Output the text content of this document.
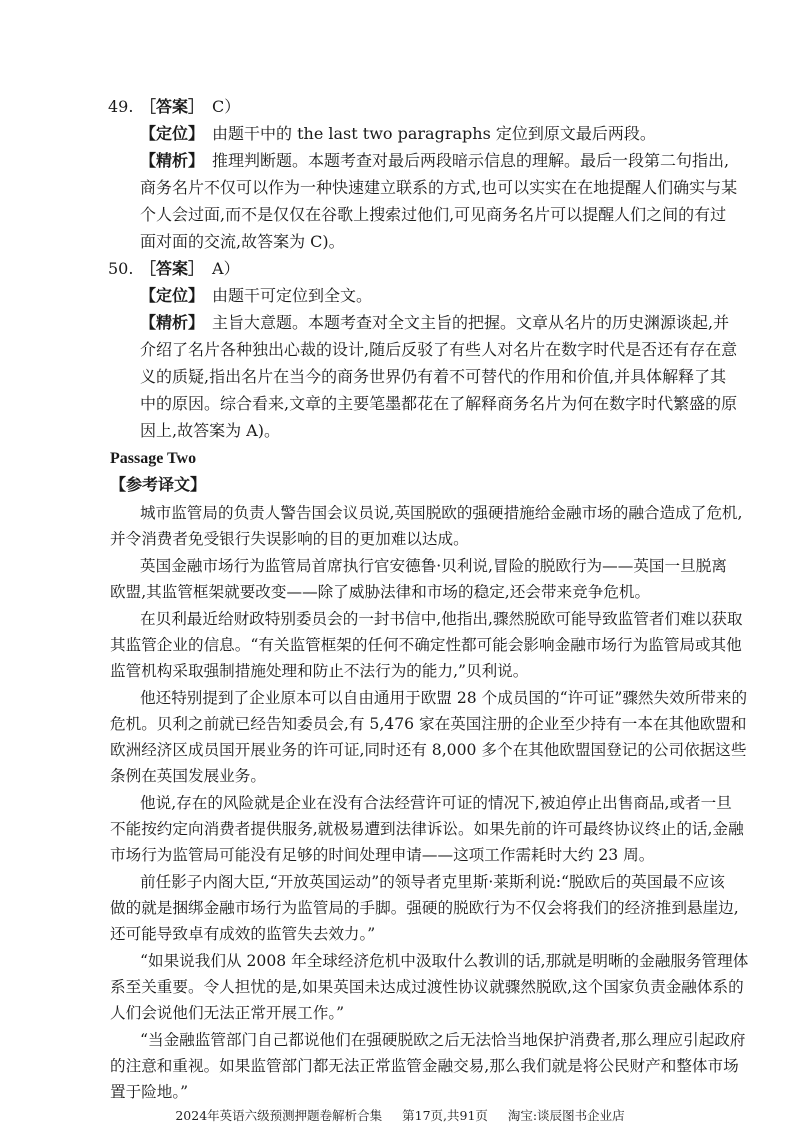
49. ［答案］ C）
【定位】 由题干中的 the last two paragraphs 定位到原文最后两段。
【精析】 推理判断题。本题考查对最后两段暗示信息的理解。最后一段第二句指出,
商务名片不仅可以作为一种快速建立联系的方式,也可以实实在在地提醒人们确实与某
个人会过面,而不是仅仅在谷歌上搜索过他们,可见商务名片可以提醒人们之间的有过
面对面的交流,故答案为 C)。
50. ［答案］ A）
【定位】 由题干可定位到全文。
【精析】 主旨大意题。本题考查对全文主旨的把握。文章从名片的历史渊源谈起,并
介绍了名片各种独出心裁的设计,随后反驳了有些人对名片在数字时代是否还有存在意
义的质疑,指出名片在当今的商务世界仍有着不可替代的作用和价值,并具体解释了其
中的原因。综合看来,文章的主要笔墨都花在了解释商务名片为何在数字时代繁盛的原
因上,故答案为 A)。
Passage Two
【参考译文】
城市监管局的负责人警告国会议员说,英国脱欧的强硬措施给金融市场的融合造成了危机,
并令消费者免受银行失误影响的目的更加难以达成。
英国金融市场行为监管局首席执行官安德鲁·贝利说,冒险的脱欧行为——英国一旦脱离
欧盟,其监管框架就要改变——除了威胁法律和市场的稳定,还会带来竞争危机。
在贝利最近给财政特别委员会的一封书信中,他指出,骤然脱欧可能导致监管者们难以获取
其监管企业的信息。“有关监管框架的任何不确定性都可能会影响金融市场行为监管局或其他
监管机构采取强制措施处理和防止不法行为的能力,”贝利说。
他还特别提到了企业原本可以自由通用于欧盟 28 个成员国的“许可证”骤然失效所带来的
危机。贝利之前就已经告知委员会,有 5,476 家在英国注册的企业至少持有一本在其他欧盟和
欧洲经济区成员国开展业务的许可证,同时还有 8,000 多个在其他欧盟国登记的公司依据这些
条例在英国发展业务。
他说,存在的风险就是企业在没有合法经营许可证的情况下,被迫停止出售商品,或者一旦
不能按约定向消费者提供服务,就极易遭到法律诉讼。如果先前的许可最终协议终止的话,金融
市场行为监管局可能没有足够的时间处理申请——这项工作需耗时大约 23 周。
前任影子内阁大臣,“开放英国运动”的领导者克里斯·莱斯利说:“脱欧后的英国最不应该
做的就是捆绑金融市场行为监管局的手脚。强硬的脱欧行为不仅会将我们的经济推到悬崖边,
还可能导致卓有成效的监管失去效力。”
“如果说我们从 2008 年全球经济危机中汲取什么教训的话,那就是明晰的金融服务管理体
系至关重要。令人担忧的是,如果英国未达成过渡性协议就骤然脱欧,这个国家负责金融体系的
人们会说他们无法正常开展工作。”
“当金融监管部门自己都说他们在强硬脱欧之后无法恰当地保护消费者,那么理应引起政府
的注意和重视。如果监管部门都无法正常监管金融交易,那么我们就是将公民财产和整体市场
置于险地。”
2024年英语六级预测押题卷解析合集 第17页,共91页 淘宝:谈辰图书企业店
